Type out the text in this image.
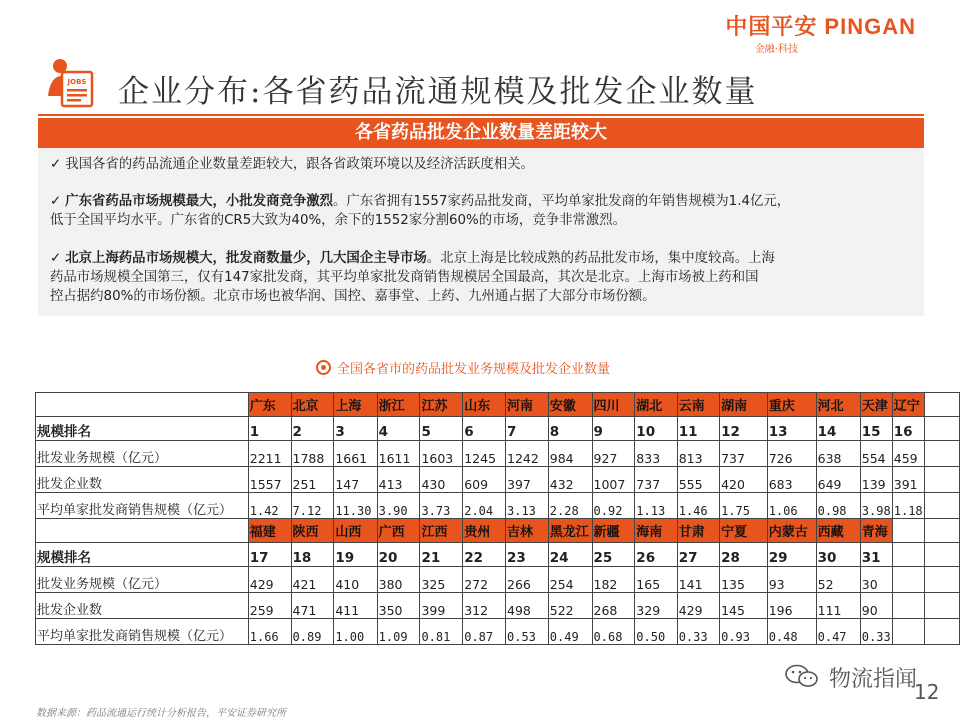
中国平安 PINGAN
金融·科技
JOBS 企业分布:各省药品流通规模及批发企业数量
各省药品批发企业数量差距较大
✓ 我国各省的药品流通企业数量差距较大，跟各省政策环境以及经济活跃度相关。
✓ 广东省药品市场规模最大，小批发商竞争激烈。广东省拥有1557家药品批发商，平均单家批发商的年销售规模为1.4亿元，
低于全国平均水平。广东省的CR5大致为40%，余下的1552家分割60%的市场，竞争非常激烈。
✓ 北京上海药品市场规模大，批发商数量少，几大国企主导市场。北京上海是比较成熟的药品批发市场，集中度较高。上海
药品市场规模全国第三，仅有147家批发商，其平均单家批发商销售规模居全国最高，其次是北京。上海市场被上药和国
控占据约80%的市场份额。北京市场也被华润、国控、嘉事堂、上药、九州通占据了大部分市场份额。
全国各省市的药品批发业务规模及批发企业数量
	广东	北京	上海	浙江	江苏	山东	河南	安徽	四川	湖北	云南	湖南	重庆	河北	天津	辽宁	
规模排名	1	2	3	4	5	6	7	8	9	10	11	12	13	14	15	16	
批发业务规模（亿元）	2211	1788	1661	1611	1603	1245	1242	984	927	833	813	737	726	638	554	459	
批发企业数	1557	251	147	413	430	609	397	432	1007	737	555	420	683	649	139	391	
平均单家批发商销售规模（亿元）	1.42	7.12	11.30	3.90	3.73	2.04	3.13	2.28	0.92	1.13	1.46	1.75	1.06	0.98	3.98	1.18	
	福建	陕西	山西	广西	江西	贵州	吉林	黑龙江	新疆	海南	甘肃	宁夏	内蒙古	西藏	青海		
规模排名	17	18	19	20	21	22	23	24	25	26	27	28	29	30	31		
批发业务规模（亿元）	429	421	410	380	325	272	266	254	182	165	141	135	93	52	30		
批发企业数	259	471	411	350	399	312	498	522	268	329	429	145	196	111	90		
平均单家批发商销售规模（亿元）	1.66	0.89	1.00	1.09	0.81	0.87	0.53	0.49	0.68	0.50	0.33	0.93	0.48	0.47	0.33		
数据来源：药品流通运行统计分析报告，平安证券研究所
物流指闻
12
